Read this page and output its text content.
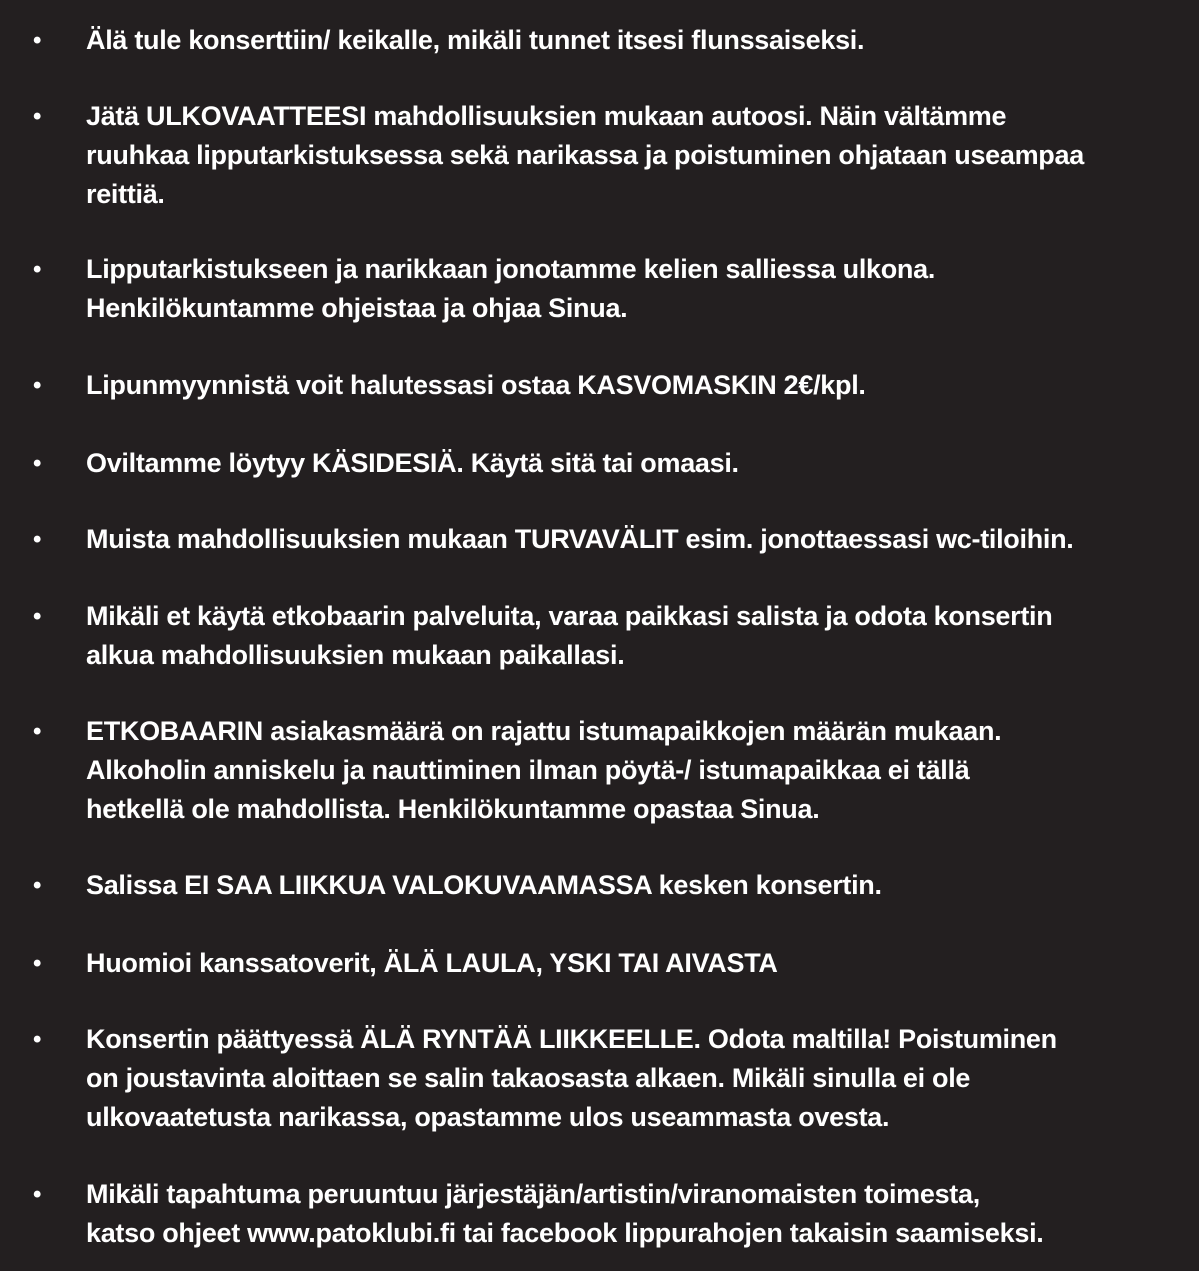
• Älä tule konserttiin/ keikalle, mikäli tunnet itsesi flunssaiseksi.
• Jätä ULKOVAATTEESI mahdollisuuksien mukaan autoosi. Näin vältämme
ruuhkaa lipputarkistuksessa sekä narikassa ja poistuminen ohjataan useampaa
reittiä.
• Lipputarkistukseen ja narikkaan jonotamme kelien salliessa ulkona.
Henkilökuntamme ohjeistaa ja ohjaa Sinua.
• Lipunmyynnistä voit halutessasi ostaa KASVOMASKIN 2€/kpl.
• Oviltamme löytyy KÄSIDESIÄ. Käytä sitä tai omaasi.
• Muista mahdollisuuksien mukaan TURVAVÄLIT esim. jonottaessasi wc-tiloihin.
• Mikäli et käytä etkobaarin palveluita, varaa paikkasi salista ja odota konsertin
alkua mahdollisuuksien mukaan paikallasi.
• ETKOBAARIN asiakasmäärä on rajattu istumapaikkojen määrän mukaan.
Alkoholin anniskelu ja nauttiminen ilman pöytä-/ istumapaikkaa ei tällä
hetkellä ole mahdollista. Henkilökuntamme opastaa Sinua.
• Salissa EI SAA LIIKKUA VALOKUVAAMASSA kesken konsertin.
• Huomioi kanssatoverit, ÄLÄ LAULA, YSKI TAI AIVASTA
• Konsertin päättyessä ÄLÄ RYNTÄÄ LIIKKEELLE. Odota maltilla! Poistuminen
on joustavinta aloittaen se salin takaosasta alkaen. Mikäli sinulla ei ole
ulkovaatetusta narikassa, opastamme ulos useammasta ovesta.
• Mikäli tapahtuma peruuntuu järjestäjän/artistin/viranomaisten toimesta,
katso ohjeet www.patoklubi.fi tai facebook lippurahojen takaisin saamiseksi.
